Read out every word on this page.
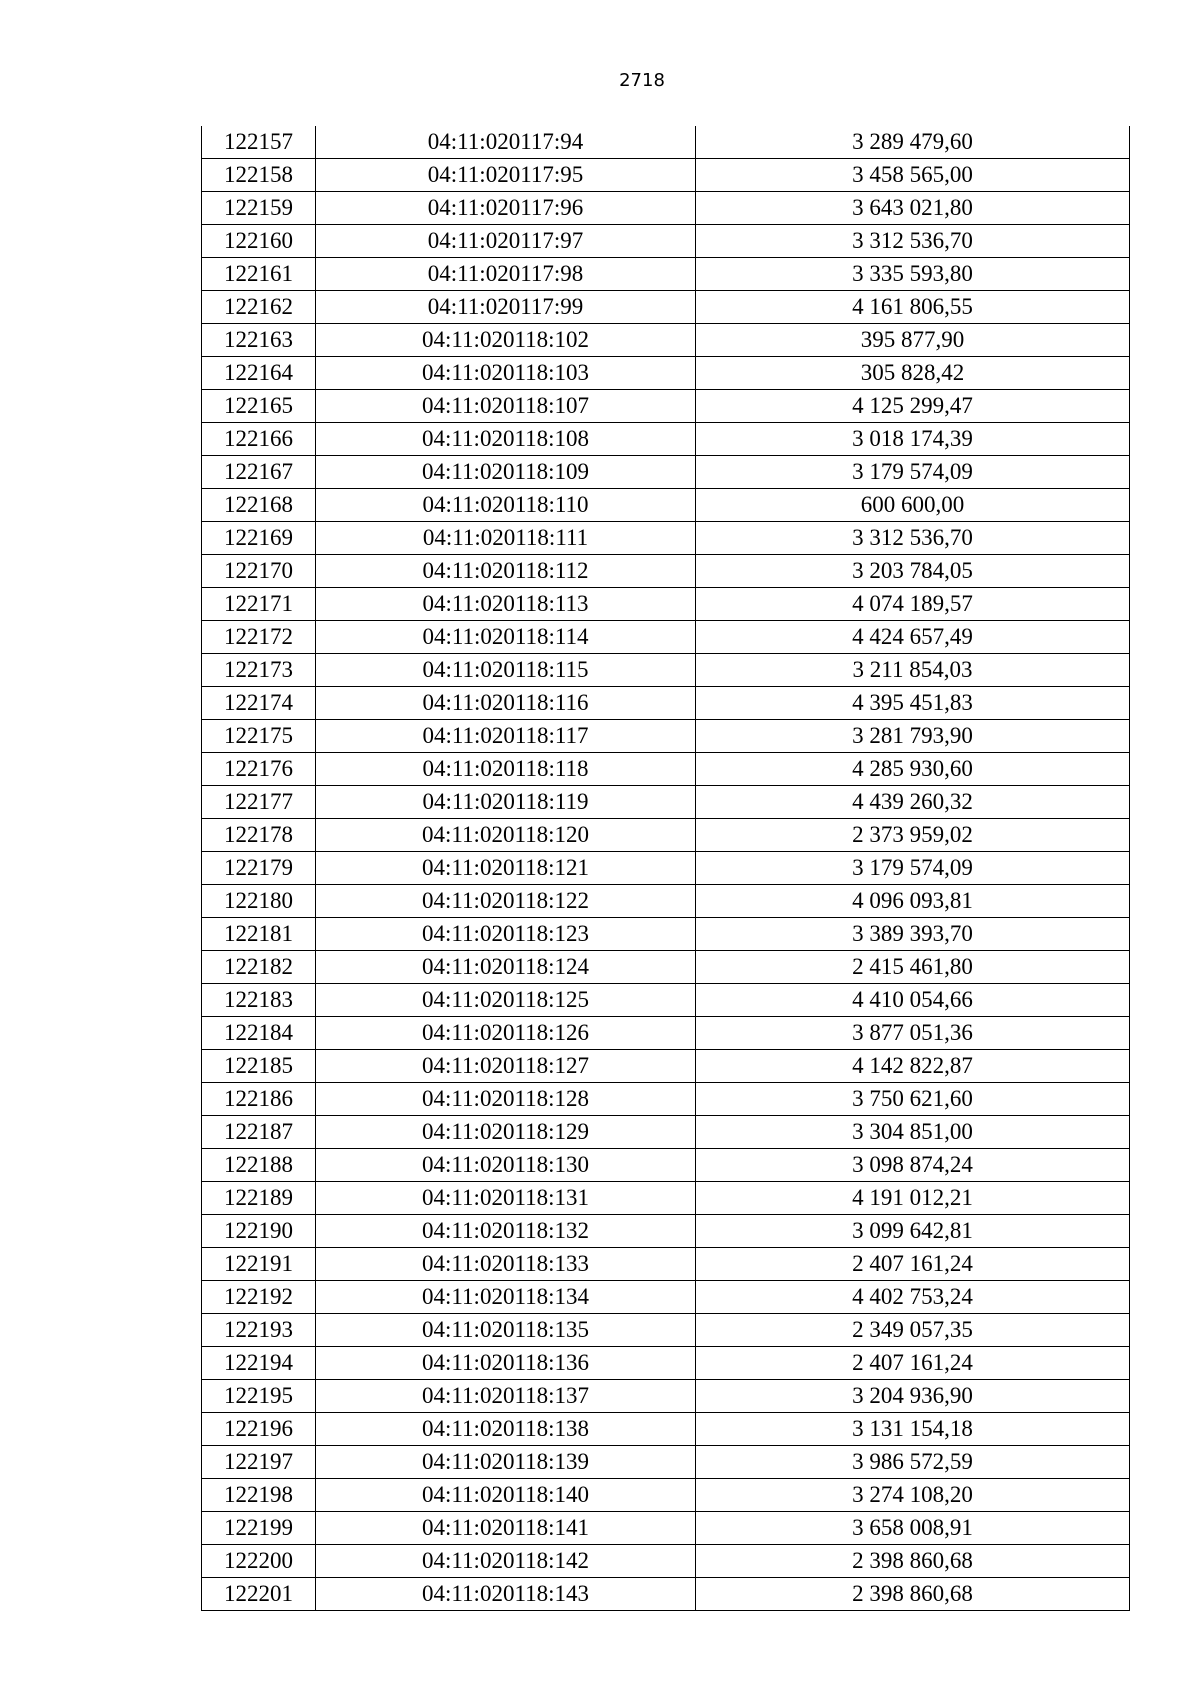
2718
122157	04:11:020117:94	3 289 479,60
122158	04:11:020117:95	3 458 565,00
122159	04:11:020117:96	3 643 021,80
122160	04:11:020117:97	3 312 536,70
122161	04:11:020117:98	3 335 593,80
122162	04:11:020117:99	4 161 806,55
122163	04:11:020118:102	395 877,90
122164	04:11:020118:103	305 828,42
122165	04:11:020118:107	4 125 299,47
122166	04:11:020118:108	3 018 174,39
122167	04:11:020118:109	3 179 574,09
122168	04:11:020118:110	600 600,00
122169	04:11:020118:111	3 312 536,70
122170	04:11:020118:112	3 203 784,05
122171	04:11:020118:113	4 074 189,57
122172	04:11:020118:114	4 424 657,49
122173	04:11:020118:115	3 211 854,03
122174	04:11:020118:116	4 395 451,83
122175	04:11:020118:117	3 281 793,90
122176	04:11:020118:118	4 285 930,60
122177	04:11:020118:119	4 439 260,32
122178	04:11:020118:120	2 373 959,02
122179	04:11:020118:121	3 179 574,09
122180	04:11:020118:122	4 096 093,81
122181	04:11:020118:123	3 389 393,70
122182	04:11:020118:124	2 415 461,80
122183	04:11:020118:125	4 410 054,66
122184	04:11:020118:126	3 877 051,36
122185	04:11:020118:127	4 142 822,87
122186	04:11:020118:128	3 750 621,60
122187	04:11:020118:129	3 304 851,00
122188	04:11:020118:130	3 098 874,24
122189	04:11:020118:131	4 191 012,21
122190	04:11:020118:132	3 099 642,81
122191	04:11:020118:133	2 407 161,24
122192	04:11:020118:134	4 402 753,24
122193	04:11:020118:135	2 349 057,35
122194	04:11:020118:136	2 407 161,24
122195	04:11:020118:137	3 204 936,90
122196	04:11:020118:138	3 131 154,18
122197	04:11:020118:139	3 986 572,59
122198	04:11:020118:140	3 274 108,20
122199	04:11:020118:141	3 658 008,91
122200	04:11:020118:142	2 398 860,68
122201	04:11:020118:143	2 398 860,68
